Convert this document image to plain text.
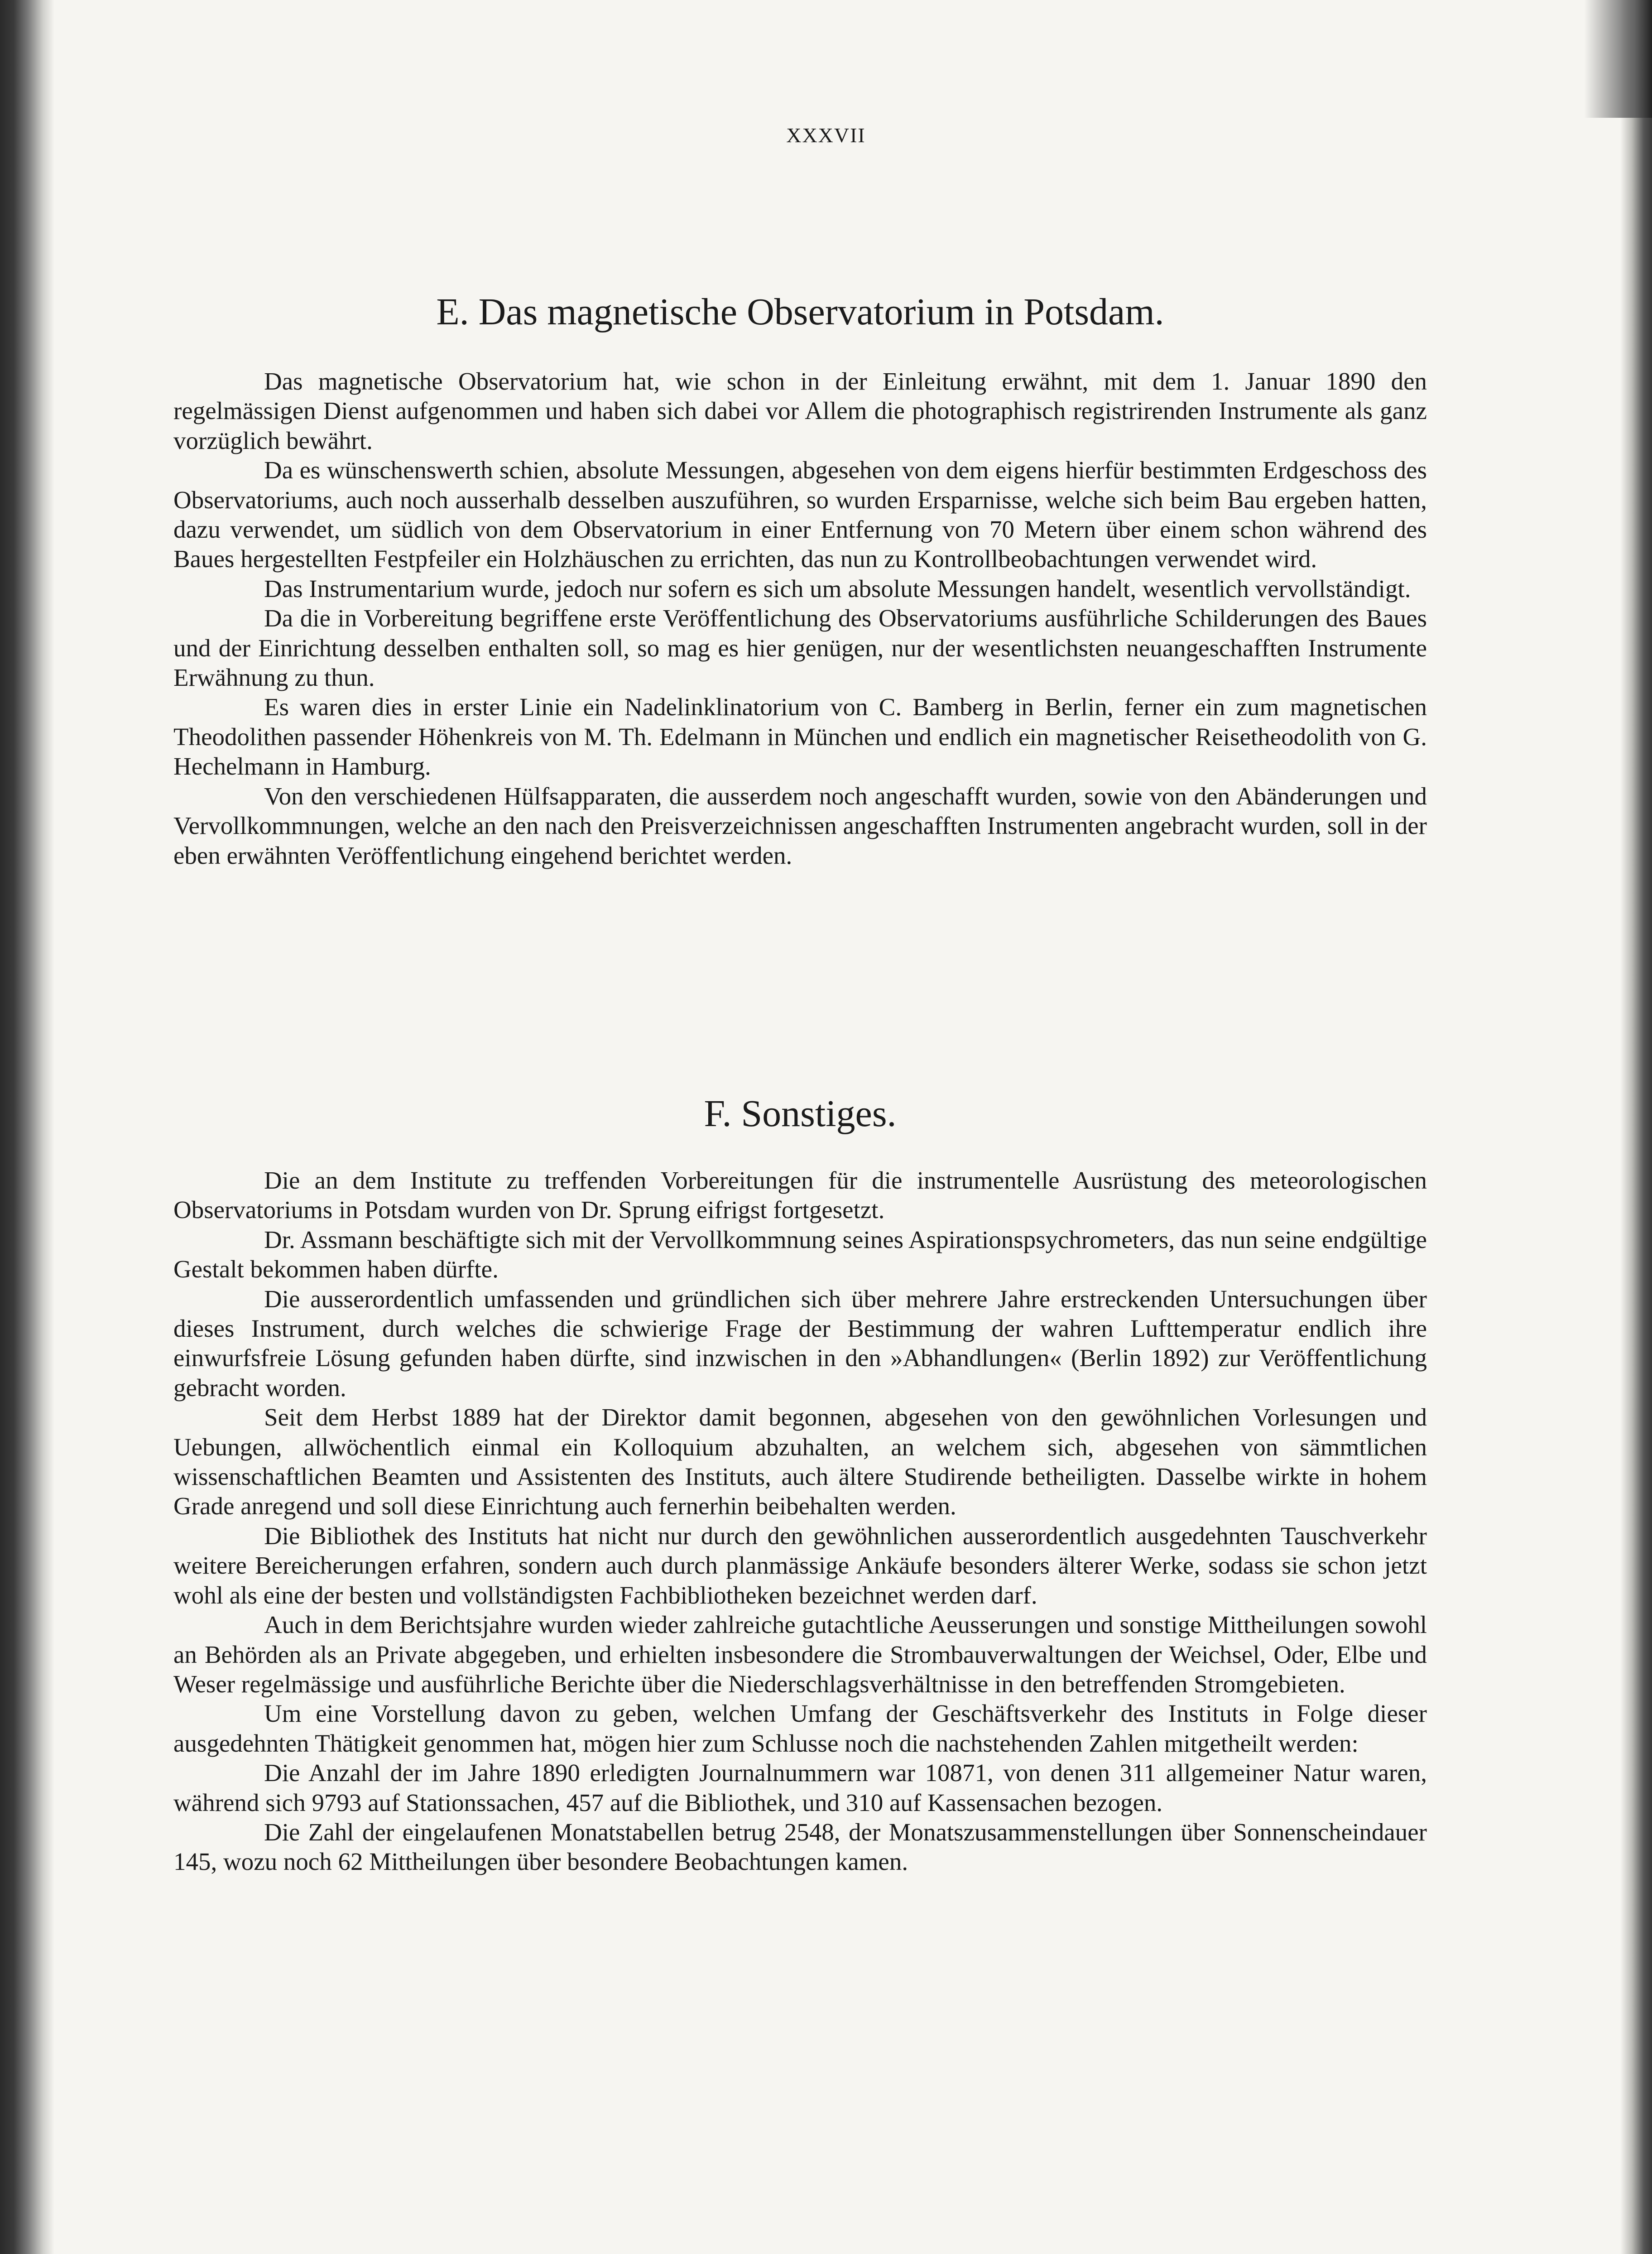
XXXVII
E. Das magnetische Observatorium in Potsdam.

Das magnetische Observatorium hat, wie schon in der Einleitung erwähnt, mit dem 1. Januar 1890 den regelmässigen Dienst aufgenommen und haben sich dabei vor Allem die photographisch registrirenden Instrumente als ganz vorzüglich bewährt.

Da es wünschenswerth schien, absolute Messungen, abgesehen von dem eigens hierfür bestimmten Erdgeschoss des Observatoriums, auch noch ausserhalb desselben auszuführen, so wurden Ersparnisse, welche sich beim Bau ergeben hatten, dazu verwendet, um südlich von dem Observatorium in einer Entfernung von 70 Metern über einem schon während des Baues hergestellten Festpfeiler ein Holzhäuschen zu errichten, das nun zu Kontrollbeobachtungen verwendet wird.

Das Instrumentarium wurde, jedoch nur sofern es sich um absolute Messungen handelt, wesentlich vervollständigt.

Da die in Vorbereitung begriffene erste Veröffentlichung des Observatoriums ausführliche Schilderungen des Baues und der Einrichtung desselben enthalten soll, so mag es hier genügen, nur der wesentlichsten neuangeschafften Instrumente Erwähnung zu thun.

Es waren dies in erster Linie ein Nadelinklinatorium von C. Bamberg in Berlin, ferner ein zum magnetischen Theodolithen passender Höhenkreis von M. Th. Edelmann in München und endlich ein magnetischer Reisetheodolith von G. Hechelmann in Hamburg.

Von den verschiedenen Hülfsapparaten, die ausserdem noch angeschafft wurden, sowie von den Abänderungen und Vervollkommnungen, welche an den nach den Preisverzeichnissen angeschafften Instrumenten angebracht wurden, soll in der eben erwähnten Veröffentlichung eingehend berichtet werden.

F. Sonstiges.

Die an dem Institute zu treffenden Vorbereitungen für die instrumentelle Ausrüstung des meteorologischen Observatoriums in Potsdam wurden von Dr. Sprung eifrigst fortgesetzt.

Dr. Assmann beschäftigte sich mit der Vervollkommnung seines Aspirationspsychrometers, das nun seine endgültige Gestalt bekommen haben dürfte.

Die ausserordentlich umfassenden und gründlichen sich über mehrere Jahre erstreckenden Untersuchungen über dieses Instrument, durch welches die schwierige Frage der Bestimmung der wahren Lufttemperatur endlich ihre einwurfsfreie Lösung gefunden haben dürfte, sind inzwischen in den »Abhandlungen« (Berlin 1892) zur Veröffentlichung gebracht worden.

Seit dem Herbst 1889 hat der Direktor damit begonnen, abgesehen von den gewöhnlichen Vorlesungen und Uebungen, allwöchentlich einmal ein Kolloquium abzuhalten, an welchem sich, abgesehen von sämmtlichen wissenschaftlichen Beamten und Assistenten des Instituts, auch ältere Studirende betheiligten. Dasselbe wirkte in hohem Grade anregend und soll diese Einrichtung auch fernerhin beibehalten werden.

Die Bibliothek des Instituts hat nicht nur durch den gewöhnlichen ausserordentlich ausgedehnten Tauschverkehr weitere Bereicherungen erfahren, sondern auch durch planmässige Ankäufe besonders älterer Werke, sodass sie schon jetzt wohl als eine der besten und vollständigsten Fachbibliotheken bezeichnet werden darf.

Auch in dem Berichtsjahre wurden wieder zahlreiche gutachtliche Aeusserungen und sonstige Mittheilungen sowohl an Behörden als an Private abgegeben, und erhielten insbesondere die Strombauverwaltungen der Weichsel, Oder, Elbe und Weser regelmässige und ausführliche Berichte über die Niederschlagsverhältnisse in den betreffenden Stromgebieten.

Um eine Vorstellung davon zu geben, welchen Umfang der Geschäftsverkehr des Instituts in Folge dieser ausgedehnten Thätigkeit genommen hat, mögen hier zum Schlusse noch die nachstehenden Zahlen mitgetheilt werden:

Die Anzahl der im Jahre 1890 erledigten Journalnummern war 10871, von denen 311 allgemeiner Natur waren, während sich 9793 auf Stationssachen, 457 auf die Bibliothek, und 310 auf Kassensachen bezogen.

Die Zahl der eingelaufenen Monatstabellen betrug 2548, der Monatszusammenstellungen über Sonnenscheindauer 145, wozu noch 62 Mittheilungen über besondere Beobachtungen kamen.
